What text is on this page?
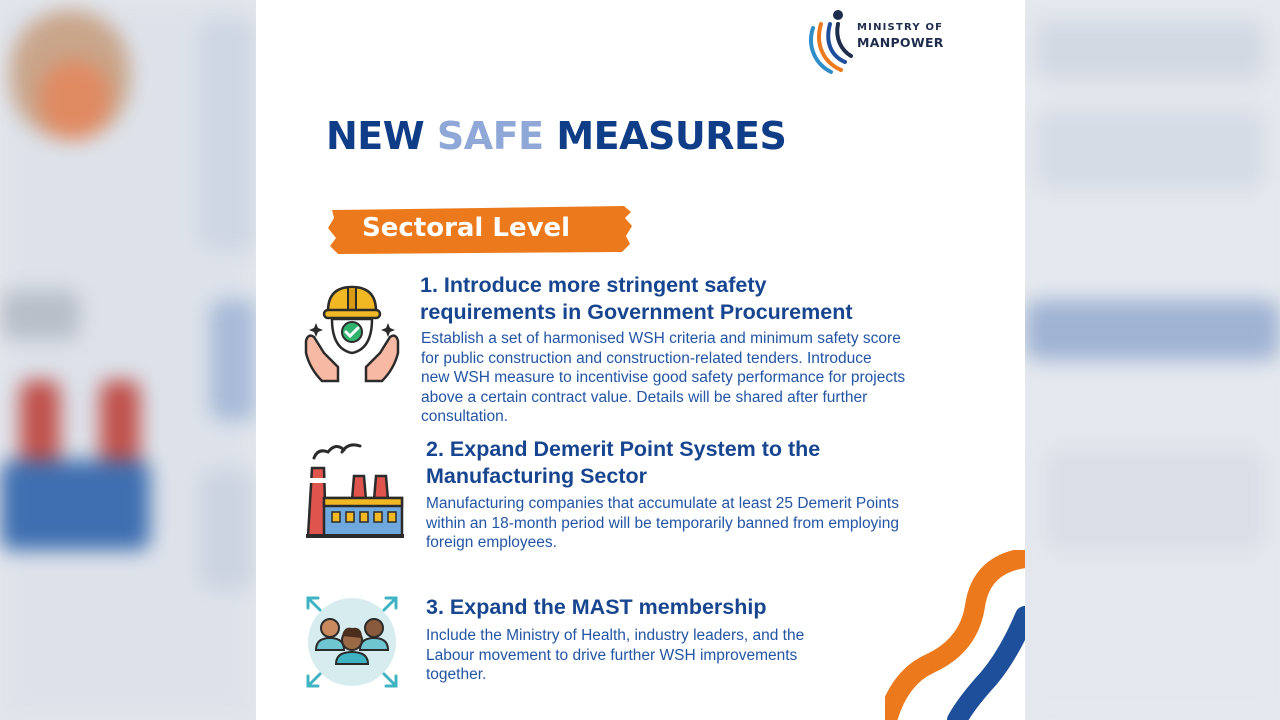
MINISTRY OF
MANPOWER
NEW SAFE MEASURES
Sectoral Level
1. Introduce more stringent safety
requirements in Government Procurement
Establish a set of harmonised WSH criteria and minimum safety score
for public construction and construction-related tenders. Introduce
new WSH measure to incentivise good safety performance for projects
above a certain contract value. Details will be shared after further
consultation.
2. Expand Demerit Point System to the
Manufacturing Sector
Manufacturing companies that accumulate at least 25 Demerit Points
within an 18-month period will be temporarily banned from employing
foreign employees.
3. Expand the MAST membership
Include the Ministry of Health, industry leaders, and the
Labour movement to drive further WSH improvements
together.
